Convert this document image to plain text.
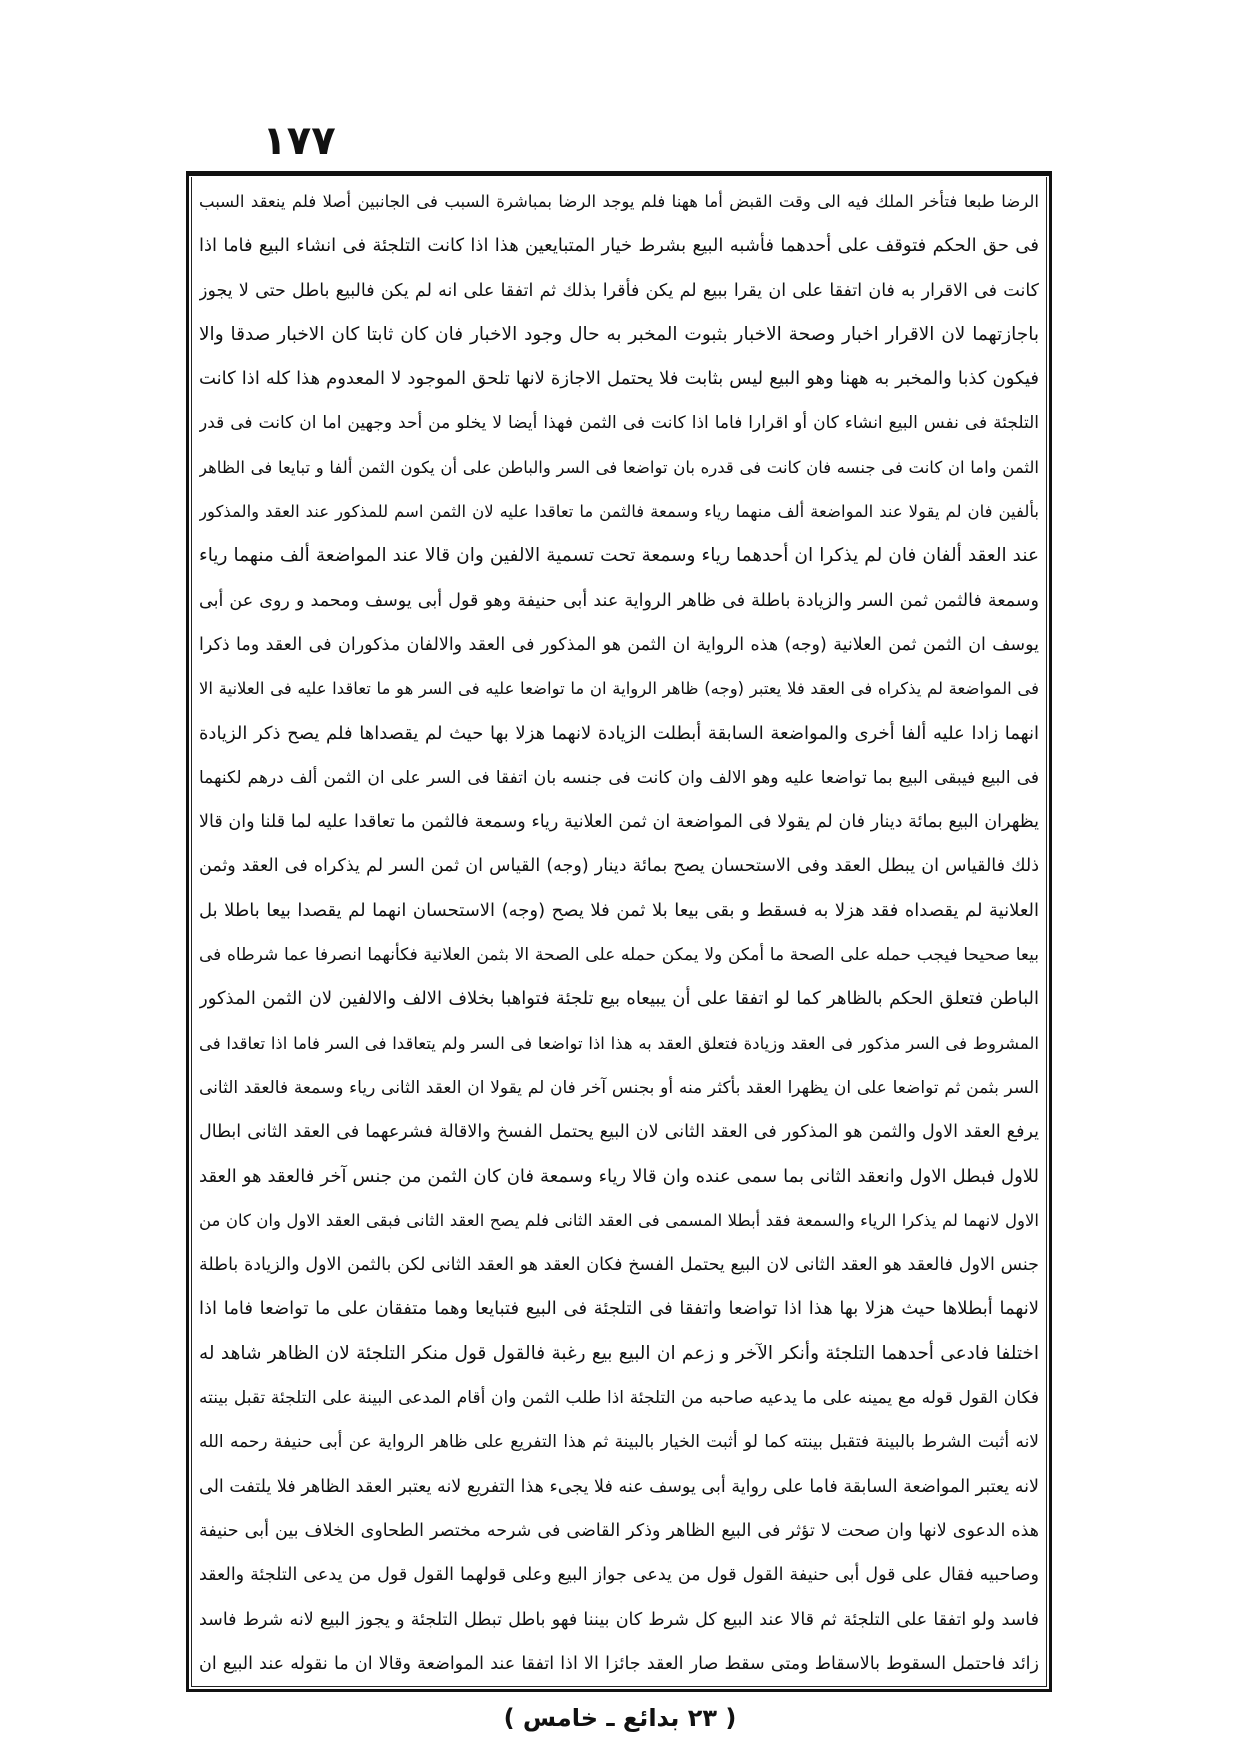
١٧٧
الرضا طبعا فتأخر الملك فيه الى وقت القبض أما ههنا فلم يوجد الرضا بمباشرة السبب فى الجانبين أصلا فلم ينعقد السبب
فى حق الحكم فتوقف على أحدهما فأشبه البيع بشرط خيار المتبايعين هذا اذا كانت التلجئة فى انشاء البيع فاما اذا
كانت فى الاقرار به فان اتفقا على ان يقرا ببيع لم يكن فأقرا بذلك ثم اتفقا على انه لم يكن فالبيع باطل حتى لا يجوز
باجازتهما لان الاقرار اخبار وصحة الاخبار بثبوت المخبر به حال وجود الاخبار فان كان ثابتا كان الاخبار صدقا والا
فيكون كذبا والمخبر به ههنا وهو البيع ليس بثابت فلا يحتمل الاجازة لانها تلحق الموجود لا المعدوم هذا كله اذا كانت
التلجئة فى نفس البيع انشاء كان أو اقرارا فاما اذا كانت فى الثمن فهذا أيضا لا يخلو من أحد وجهين اما ان كانت فى قدر
الثمن واما ان كانت فى جنسه فان كانت فى قدره بان تواضعا فى السر والباطن على أن يكون الثمن ألفا و تبايعا فى الظاهر
بألفين فان لم يقولا عند المواضعة ألف منهما رياء وسمعة فالثمن ما تعاقدا عليه لان الثمن اسم للمذكور عند العقد والمذكور
عند العقد ألفان فان لم يذكرا ان أحدهما رياء وسمعة تحت تسمية الالفين وان قالا عند المواضعة ألف منهما رياء
وسمعة فالثمن ثمن السر والزيادة باطلة فى ظاهر الرواية عند أبى حنيفة وهو قول أبى يوسف ومحمد و روى عن أبى
يوسف ان الثمن ثمن العلانية (وجه) هذه الرواية ان الثمن هو المذكور فى العقد والالفان مذكوران فى العقد وما ذكرا
فى المواضعة لم يذكراه فى العقد فلا يعتبر (وجه) ظاهر الرواية ان ما تواضعا عليه فى السر هو ما تعاقدا عليه فى العلانية الا
انهما زادا عليه ألفا أخرى والمواضعة السابقة أبطلت الزيادة لانهما هزلا بها حيث لم يقصداها فلم يصح ذكر الزيادة
فى البيع فيبقى البيع بما تواضعا عليه وهو الالف وان كانت فى جنسه بان اتفقا فى السر على ان الثمن ألف درهم لكنهما
يظهران البيع بمائة دينار فان لم يقولا فى المواضعة ان ثمن العلانية رياء وسمعة فالثمن ما تعاقدا عليه لما قلنا وان قالا
ذلك فالقياس ان يبطل العقد وفى الاستحسان يصح بمائة دينار (وجه) القياس ان ثمن السر لم يذكراه فى العقد وثمن
العلانية لم يقصداه فقد هزلا به فسقط و بقى بيعا بلا ثمن فلا يصح (وجه) الاستحسان انهما لم يقصدا بيعا باطلا بل
بيعا صحيحا فيجب حمله على الصحة ما أمكن ولا يمكن حمله على الصحة الا بثمن العلانية فكأنهما انصرفا عما شرطاه فى
الباطن فتعلق الحكم بالظاهر كما لو اتفقا على أن يبيعاه بيع تلجئة فتواهبا بخلاف الالف والالفين لان الثمن المذكور
المشروط فى السر مذكور فى العقد وزيادة فتعلق العقد به هذا اذا تواضعا فى السر ولم يتعاقدا فى السر فاما اذا تعاقدا فى
السر بثمن ثم تواضعا على ان يظهرا العقد بأكثر منه أو بجنس آخر فان لم يقولا ان العقد الثانى رياء وسمعة فالعقد الثانى
يرفع العقد الاول والثمن هو المذكور فى العقد الثانى لان البيع يحتمل الفسخ والاقالة فشرعهما فى العقد الثانى ابطال
للاول فبطل الاول وانعقد الثانى بما سمى عنده وان قالا رياء وسمعة فان كان الثمن من جنس آخر فالعقد هو العقد
الاول لانهما لم يذكرا الرياء والسمعة فقد أبطلا المسمى فى العقد الثانى فلم يصح العقد الثانى فبقى العقد الاول وان كان من
جنس الاول فالعقد هو العقد الثانى لان البيع يحتمل الفسخ فكان العقد هو العقد الثانى لكن بالثمن الاول والزيادة باطلة
لانهما أبطلاها حيث هزلا بها هذا اذا تواضعا واتفقا فى التلجئة فى البيع فتبايعا وهما متفقان على ما تواضعا فاما اذا
اختلفا فادعى أحدهما التلجئة وأنكر الآخر و زعم ان البيع بيع رغبة فالقول قول منكر التلجئة لان الظاهر شاهد له
فكان القول قوله مع يمينه على ما يدعيه صاحبه من التلجئة اذا طلب الثمن وان أقام المدعى البينة على التلجئة تقبل بينته
لانه أثبت الشرط بالبينة فتقبل بينته كما لو أثبت الخيار بالبينة ثم هذا التفريع على ظاهر الرواية عن أبى حنيفة رحمه الله
لانه يعتبر المواضعة السابقة فاما على رواية أبى يوسف عنه فلا يجىء هذا التفريع لانه يعتبر العقد الظاهر فلا يلتفت الى
هذه الدعوى لانها وان صحت لا تؤثر فى البيع الظاهر وذكر القاضى فى شرحه مختصر الطحاوى الخلاف بين أبى حنيفة
وصاحبيه فقال على قول أبى حنيفة القول قول من يدعى جواز البيع وعلى قولهما القول قول من يدعى التلجئة والعقد
فاسد ولو اتفقا على التلجئة ثم قالا عند البيع كل شرط كان بيننا فهو باطل تبطل التلجئة و يجوز البيع لانه شرط فاسد
زائد فاحتمل السقوط بالاسقاط ومتى سقط صار العقد جائزا الا اذا اتفقا عند المواضعة وقالا ان ما نقوله عند البيع ان
( ٢٣ بدائع ـ خامس )
